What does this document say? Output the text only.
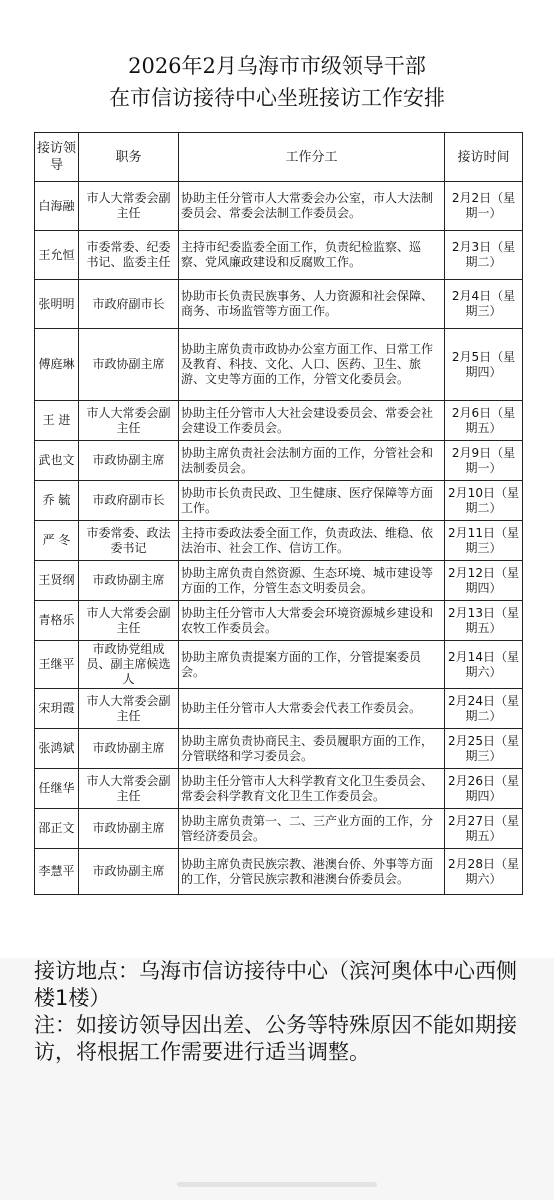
2026年2月乌海市市级领导干部
在市信访接待中心坐班接访工作安排
接访领导	职务	工作分工	接访时间
白海融	市人大常委会副主任	协助主任分管市人大常委会办公室，市人大法制委员会、常委会法制工作委员会。	2月2日（星期一）
王允恒	市委常委、纪委书记、监委主任	主持市纪委监委全面工作，负责纪检监察、巡察、党风廉政建设和反腐败工作。	2月3日（星期二）
张明明	市政府副市长	协助市长负责民族事务、人力资源和社会保障、商务、市场监管等方面工作。	2月4日（星期三）
傅庭琳	市政协副主席	协助主席负责市政协办公室方面工作、日常工作及教育、科技、文化、人口、医药、卫生、旅游、文史等方面的工作，分管文化委员会。	2月5日（星期四）
王 进	市人大常委会副主任	协助主任分管市人大社会建设委员会、常委会社会建设工作委员会。	2月6日（星期五）
武也文	市政协副主席	协助主席负责社会法制方面的工作，分管社会和法制委员会。	2月9日（星期一）
乔 毓	市政府副市长	协助市长负责民政、卫生健康、医疗保障等方面工作。	2月10日（星期二）
严 冬	市委常委、政法委书记	主持市委政法委全面工作，负责政法、维稳、依法治市、社会工作、信访工作。	2月11日（星期三）
王贤纲	市政协副主席	协助主席负责自然资源、生态环境、城市建设等方面的工作，分管生态文明委员会。	2月12日（星期四）
青格乐	市人大常委会副主任	协助主任分管市人大常委会环境资源城乡建设和农牧工作委员会。	2月13日（星期五）
王继平	市政协党组成员、副主席候选人	协助主席负责提案方面的工作，分管提案委员会。	2月14日（星期六）
宋玥霞	市人大常委会副主任	协助主任分管市人大常委会代表工作委员会。	2月24日（星期二）
张鸿斌	市政协副主席	协助主席负责协商民主、委员履职方面的工作，分管联络和学习委员会。	2月25日（星期三）
任继华	市人大常委会副主任	协助主任分管市人大科学教育文化卫生委员会、常委会科学教育文化卫生工作委员会。	2月26日（星期四）
邵正文	市政协副主席	协助主席负责第一、二、三产业方面的工作，分管经济委员会。	2月27日（星期五）
李慧平	市政协副主席	协助主席负责民族宗教、港澳台侨、外事等方面的工作，分管民族宗教和港澳台侨委员会。	2月28日（星期六）

接访地点：乌海市信访接待中心（滨河奥体中心西侧楼1楼）

注：如接访领导因出差、公务等特殊原因不能如期接访，将根据工作需要进行适当调整。
